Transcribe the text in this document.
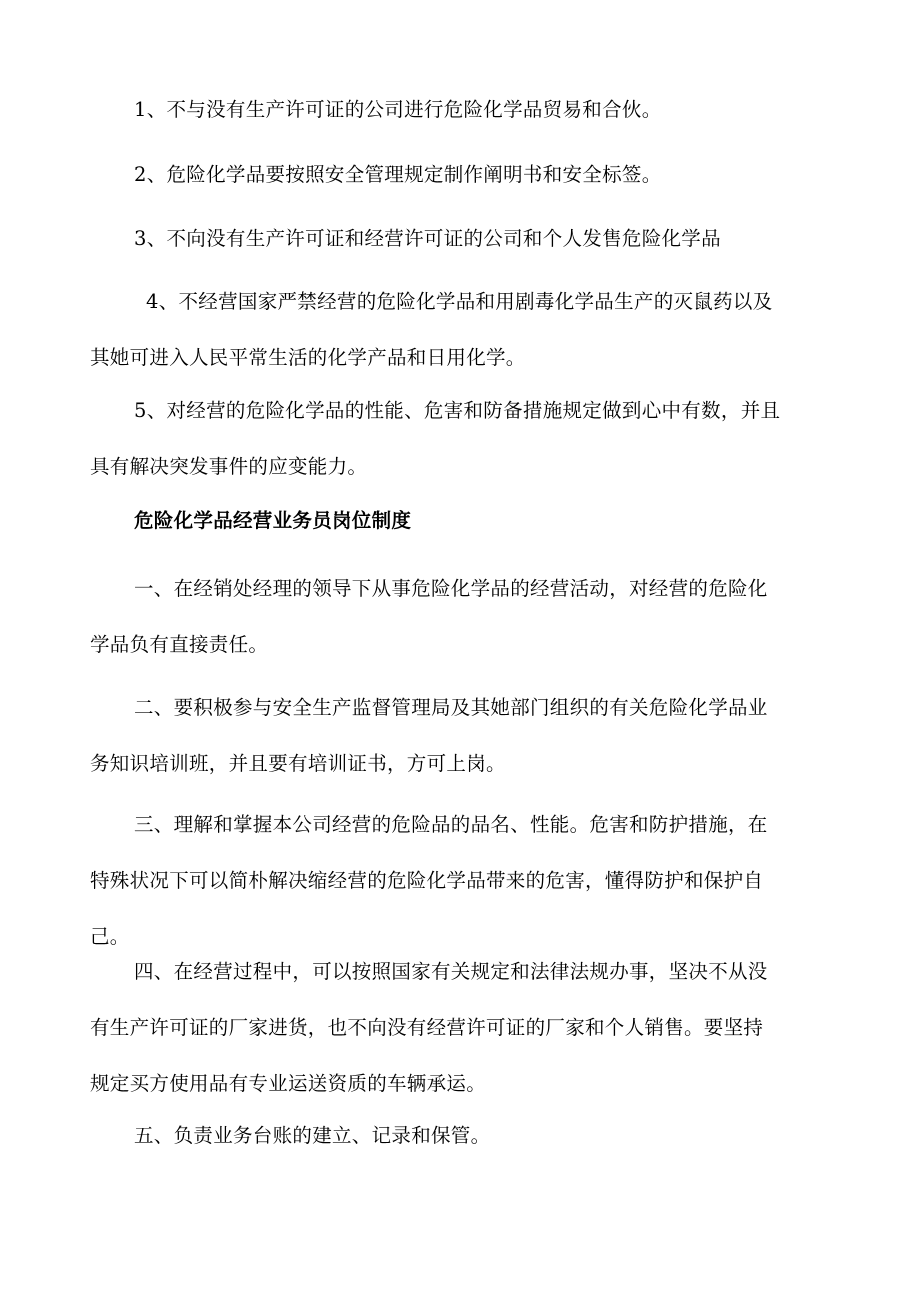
1、不与没有生产许可证的公司进行危险化学品贸易和合伙。

2、危险化学品要按照安全管理规定制作阐明书和安全标签。

3、不向没有生产许可证和经营许可证的公司和个人发售危险化学品

4、不经营国家严禁经营的危险化学品和用剧毒化学品生产的灭鼠药以及
其她可进入人民平常生活的化学产品和日用化学。

5、对经营的危险化学品的性能、危害和防备措施规定做到心中有数，并且
具有解决突发事件的应变能力。

危险化学品经营业务员岗位制度

一、在经销处经理的领导下从事危险化学品的经营活动，对经营的危险化
学品负有直接责任。

二、要积极参与安全生产监督管理局及其她部门组织的有关危险化学品业
务知识培训班，并且要有培训证书，方可上岗。

三、理解和掌握本公司经营的危险品的品名、性能。危害和防护措施，在
特殊状况下可以简朴解决缩经营的危险化学品带来的危害，懂得防护和保护自
己。

四、在经营过程中，可以按照国家有关规定和法律法规办事，坚决不从没
有生产许可证的厂家进货，也不向没有经营许可证的厂家和个人销售。要坚持
规定买方使用品有专业运送资质的车辆承运。

五、负责业务台账的建立、记录和保管。
